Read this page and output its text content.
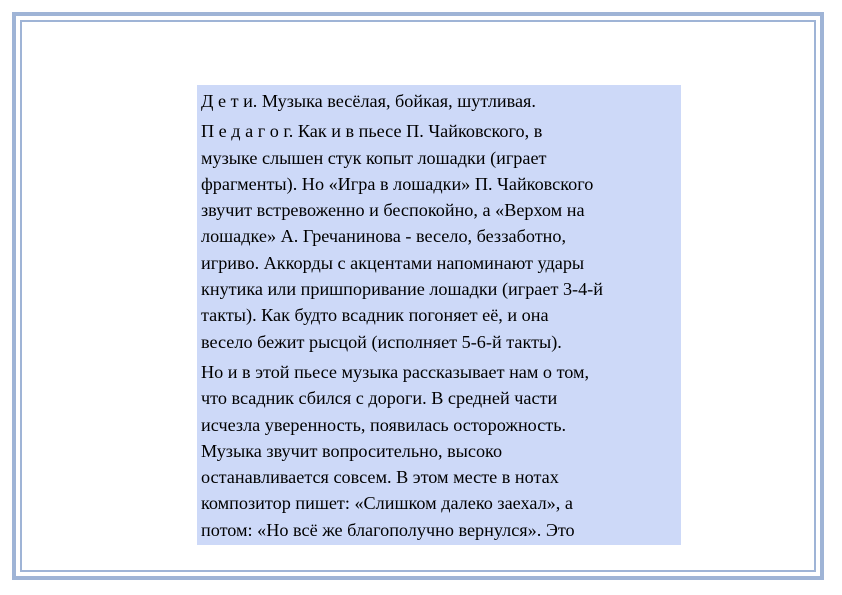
Д е т и. Музыка весёлая, бойкая, шутливая.

П е д а г о г. Как и в пьесе П. Чайковского, в
музыке слышен стук копыт лошадки (играет
фрагменты). Но «Игра в лошадки» П. Чайковского
звучит встревоженно и беспокойно, а «Верхом на
лошадке» А. Гречанинова - весело, беззаботно,
игриво. Аккорды с акцентами напоминают удары
кнутика или пришпоривание лошадки (играет 3-4-й
такты). Как будто всадник погоняет её, и она
весело бежит рысцой (исполняет 5-6-й такты).

Но и в этой пьесе музыка рассказывает нам о том,
что всадник сбился с дороги. В средней части
исчезла уверенность, появилась осторожность.
Музыка звучит вопросительно, высоко
останавливается совсем. В этом месте в нотах
композитор пишет: «Слишком далеко заехал», а
потом: «Но всё же благополучно вернулся». Это
